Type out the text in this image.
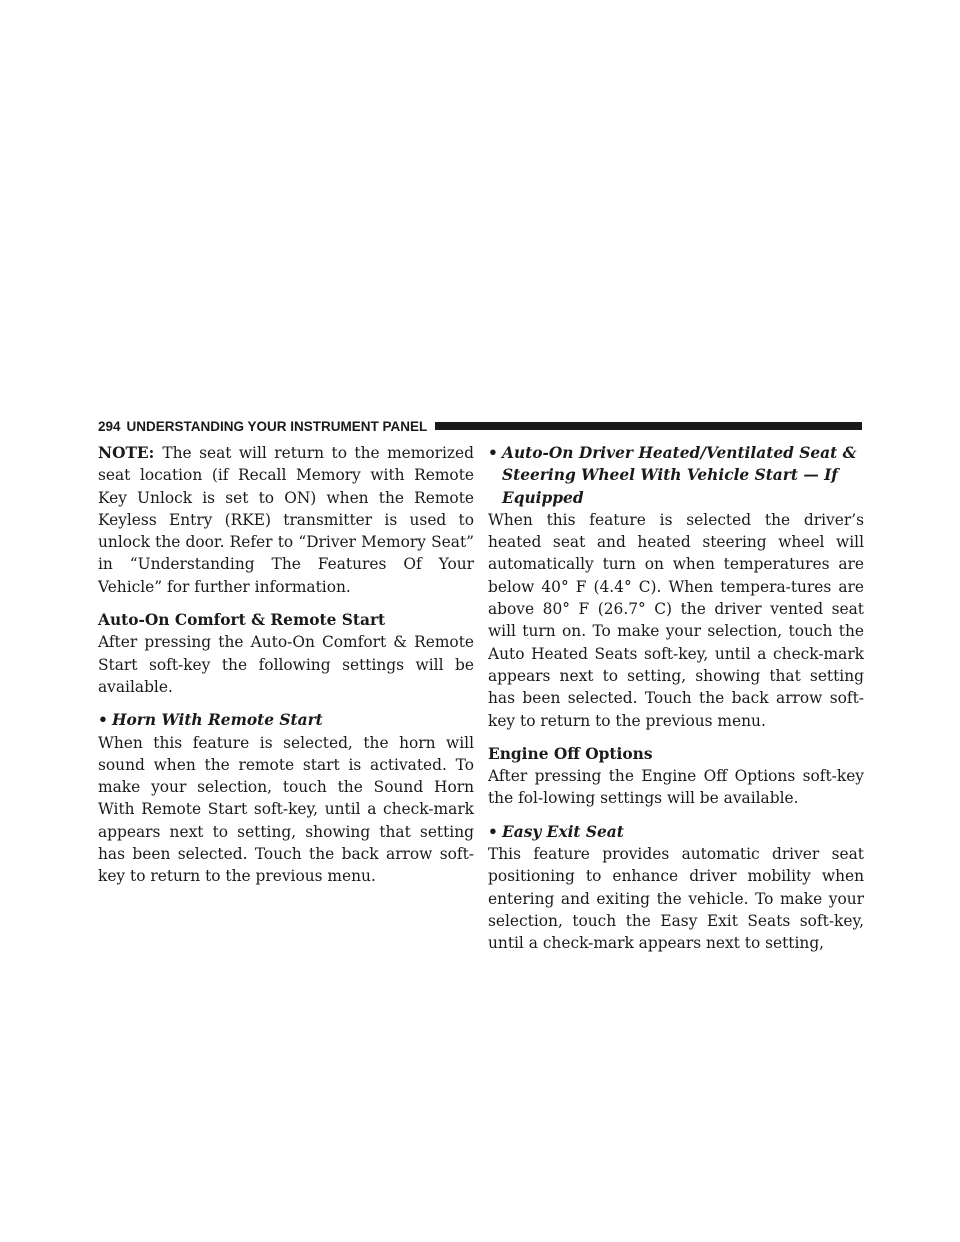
294 UNDERSTANDING YOUR INSTRUMENT PANEL

NOTE: The seat will return to the memorized seat location (if Recall Memory with Remote Key Unlock is set to ON) when the Remote Keyless Entry (RKE) transmitter is used to unlock the door. Refer to “Driver Memory Seat” in “Understanding The Features Of Your Vehicle” for further information.

Auto-On Comfort & Remote Start

After pressing the Auto-On Comfort & Remote Start soft-key the following settings will be available.

• Horn With Remote Start

When this feature is selected, the horn will sound when the remote start is activated. To make your selection, touch the Sound Horn With Remote Start soft-key, until a check-mark appears next to setting, showing that setting has been selected. Touch the back arrow soft-key to return to the previous menu.

• Auto-On Driver Heated/Ventilated Seat & Steering Wheel With Vehicle Start — If Equipped

When this feature is selected the driver’s heated seat and heated steering wheel will automatically turn on when temperatures are below 40° F (4.4° C). When tempera-tures are above 80° F (26.7° C) the driver vented seat will turn on. To make your selection, touch the Auto Heated Seats soft-key, until a check-mark appears next to setting, showing that setting has been selected. Touch the back arrow soft-key to return to the previous menu.

Engine Off Options

After pressing the Engine Off Options soft-key the fol-lowing settings will be available.

• Easy Exit Seat

This feature provides automatic driver seat positioning to enhance driver mobility when entering and exiting the vehicle. To make your selection, touch the Easy Exit Seats soft-key, until a check-mark appears next to setting,

carmanualsonline.info
